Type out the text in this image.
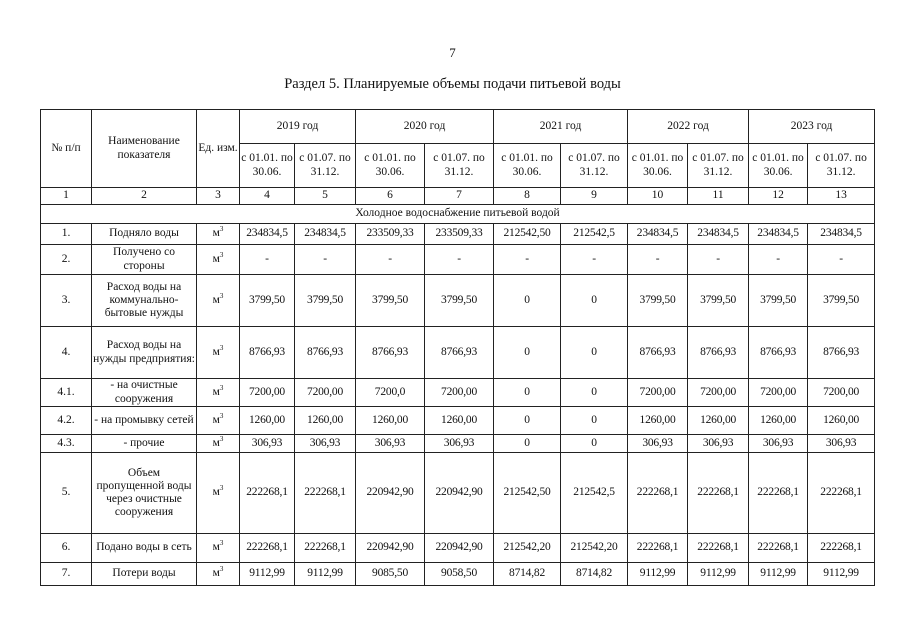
7
Раздел 5. Планируемые объемы подачи питьевой воды
№ п/п	Наименование показателя	Ед. изм.	2019 год		2020 год		2021 год		2022 год		2023 год	
			с 01.01. по 30.06.	с 01.07. по 31.12.	с 01.01. по 30.06.	с 01.07. по 31.12.	с 01.01. по 30.06.	с 01.07. по 31.12.	с 01.01. по 30.06.	с 01.07. по 31.12.	с 01.01. по 30.06.	с 01.07. по 31.12.
1	2	3	4	5	6	7	8	9	10	11	12	13
Холодное водоснабжение питьевой водой												
1.	Подняло воды	$м^3$	234834,5	234834,5	233509,33	233509,33	212542,50	212542,5	234834,5	234834,5	234834,5	234834,5
2.	Получено со стороны	$м^3$	-	-	-	-	-	-	-	-	-	-
3.	Расход воды на коммунально-бытовые нужды	$м^3$	3799,50	3799,50	3799,50	3799,50	0	0	3799,50	3799,50	3799,50	3799,50
4.	Расход воды на нужды предприятия:	$м^3$	8766,93	8766,93	8766,93	8766,93	0	0	8766,93	8766,93	8766,93	8766,93
4.1.	- на очистные сооружения	$м^3$	7200,00	7200,00	7200,0	7200,00	0	0	7200,00	7200,00	7200,00	7200,00
4.2.	- на промывку сетей	$м^3$	1260,00	1260,00	1260,00	1260,00	0	0	1260,00	1260,00	1260,00	1260,00
4.3.	- прочие	$м^3$	306,93	306,93	306,93	306,93	0	0	306,93	306,93	306,93	306,93
5.	Объем пропущенной воды через очистные сооружения	$м^3$	222268,1	222268,1	220942,90	220942,90	212542,50	212542,5	222268,1	222268,1	222268,1	222268,1
6.	Подано воды в сеть	$м^3$	222268,1	222268,1	220942,90	220942,90	212542,20	212542,20	222268,1	222268,1	222268,1	222268,1
7.	Потери воды	$м^3$	9112,99	9112,99	9085,50	9058,50	8714,82	8714,82	9112,99	9112,99	9112,99	9112,99
